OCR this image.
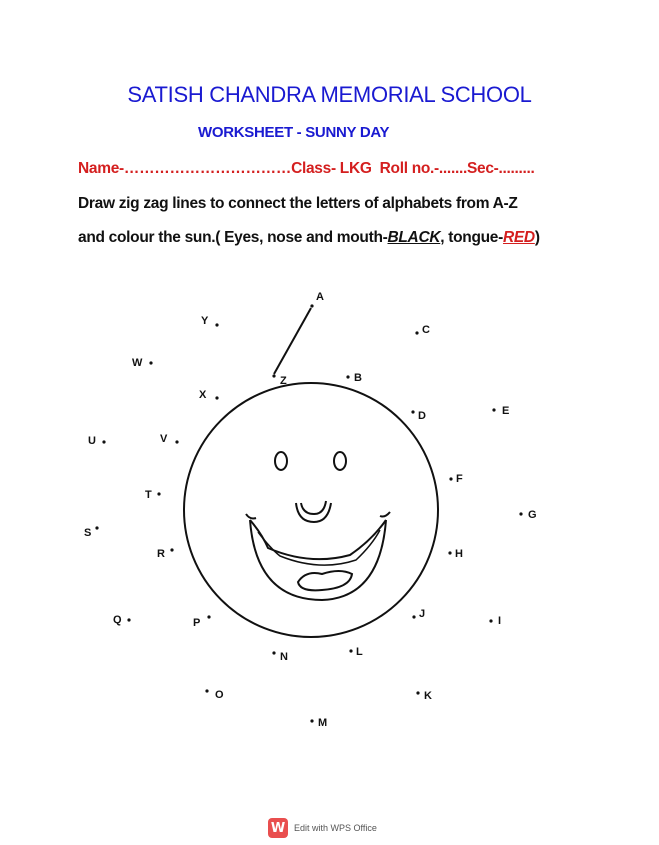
SATISH CHANDRA MEMORIAL SCHOOL
WORKSHEET - SUNNY DAY
Name-……………………………Class- LKG  Roll no.-.......Sec-.........
Draw zig zag lines to connect the letters of alphabets from A-Z
and colour the sun.( Eyes, nose and mouth-BLACK, tongue-RED)
A
B
C
D	E
F
G
H
I
J
K
L
M
N
O
P
Q
R
S
T
U	V
W
X
Y
Z
W Edit with WPS Office
